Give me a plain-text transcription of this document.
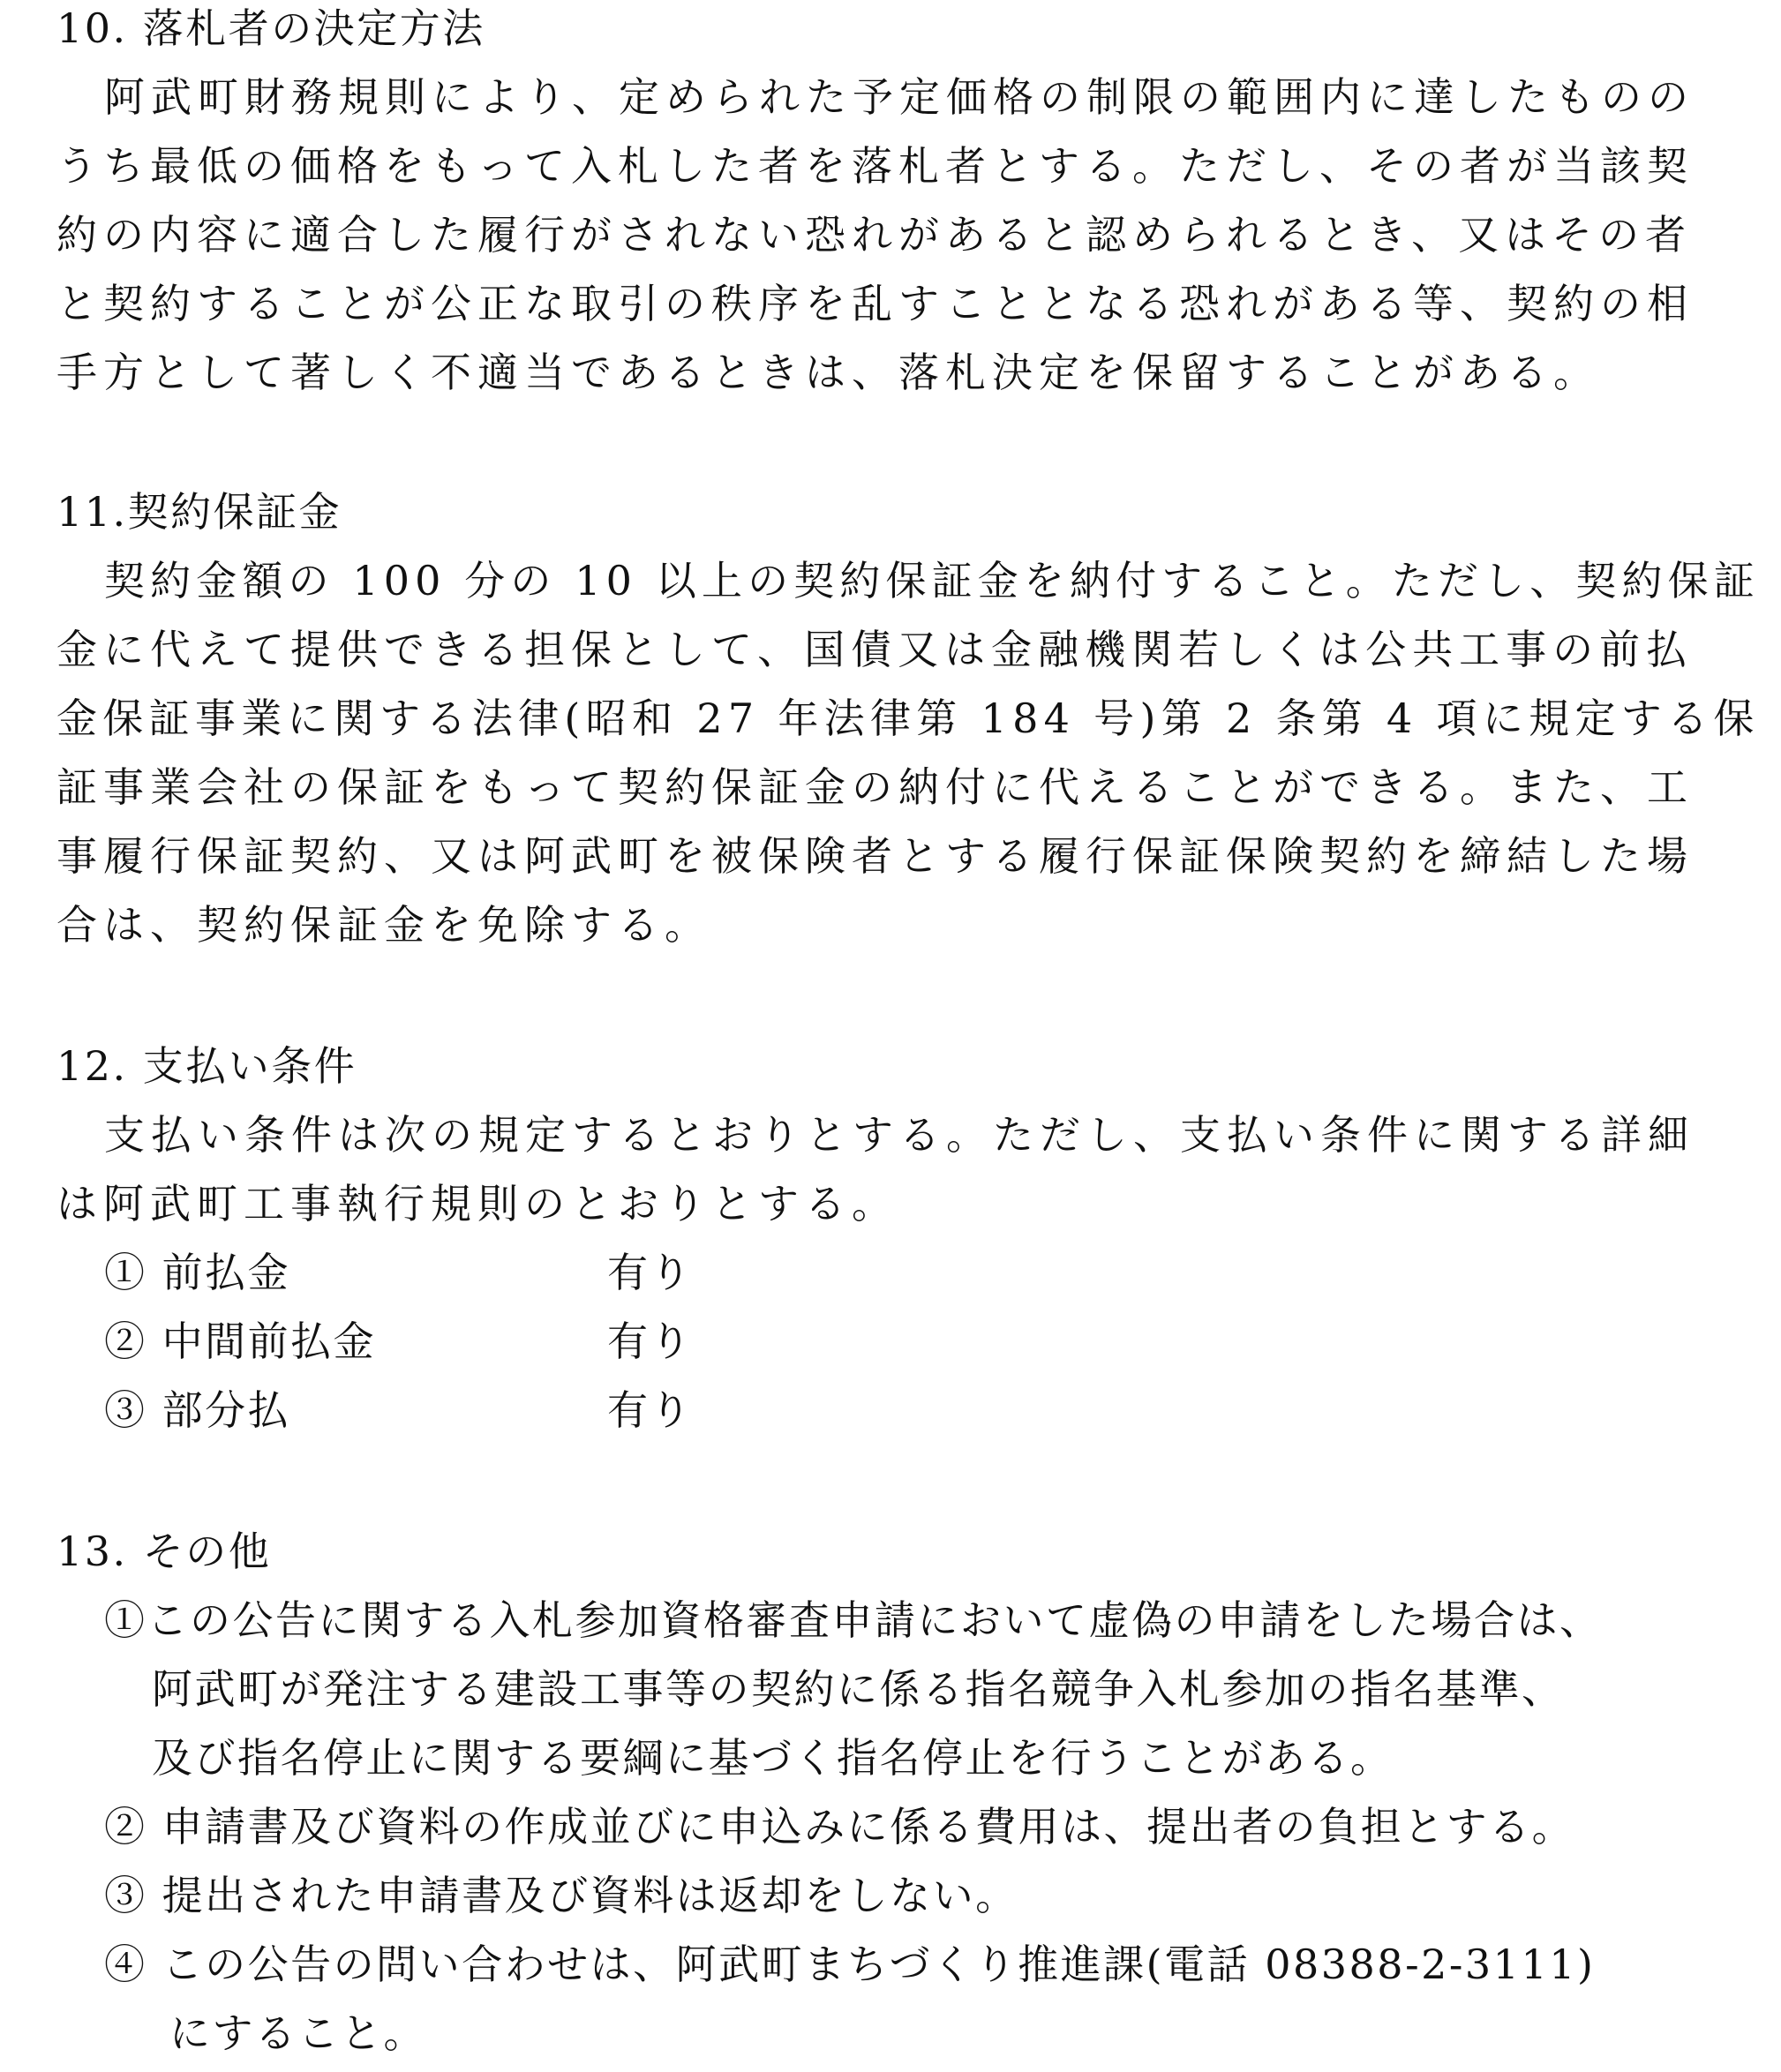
10. 落札者の決定方法
阿武町財務規則により、定められた予定価格の制限の範囲内に達したものの
うち最低の価格をもって入札した者を落札者とする。ただし、その者が当該契
約の内容に適合した履行がされない恐れがあると認められるとき、又はその者
と契約することが公正な取引の秩序を乱すこととなる恐れがある等、契約の相
手方として著しく不適当であるときは、落札決定を保留することがある。
11.契約保証金
契約金額の 100 分の 10 以上の契約保証金を納付すること。ただし、契約保証
金に代えて提供できる担保として、国債又は金融機関若しくは公共工事の前払
金保証事業に関する法律(昭和 27 年法律第 184 号)第 2 条第 4 項に規定する保
証事業会社の保証をもって契約保証金の納付に代えることができる。また、工
事履行保証契約、又は阿武町を被保険者とする履行保証保険契約を締結した場
合は、契約保証金を免除する。
12. 支払い条件
支払い条件は次の規定するとおりとする。ただし、支払い条件に関する詳細
は阿武町工事執行規則のとおりとする。
① 前払金	有り
② 中間前払金	有り
③ 部分払	有り
13. その他
①この公告に関する入札参加資格審査申請において虚偽の申請をした場合は、
阿武町が発注する建設工事等の契約に係る指名競争入札参加の指名基準、
及び指名停止に関する要綱に基づく指名停止を行うことがある。
② 申請書及び資料の作成並びに申込みに係る費用は、提出者の負担とする。
③ 提出された申請書及び資料は返却をしない。
④ この公告の問い合わせは、阿武町まちづくり推進課(電話 08388-2-3111)
にすること。
